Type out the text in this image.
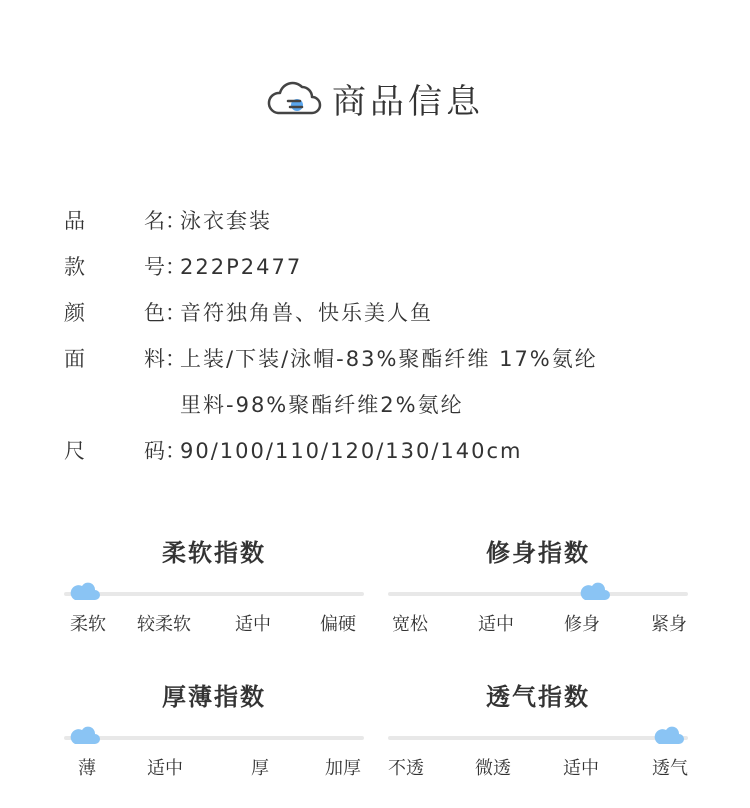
商品信息
品	名：
泳衣套装
款	号：
222P2477
颜	色：
音符独角兽、快乐美人鱼
面	料：
上装/下装/泳帽-83%聚酯纤维 17%氨纶
里料-98%聚酯纤维2%氨纶
尺	码：
90/100/110/120/130/140cm
柔软指数
柔软 较柔软 适中	偏硬
修身指数
宽松	适中	修身	紧身
厚薄指数
薄	适中	厚	加厚
透气指数
不透	微透	适中	透气
